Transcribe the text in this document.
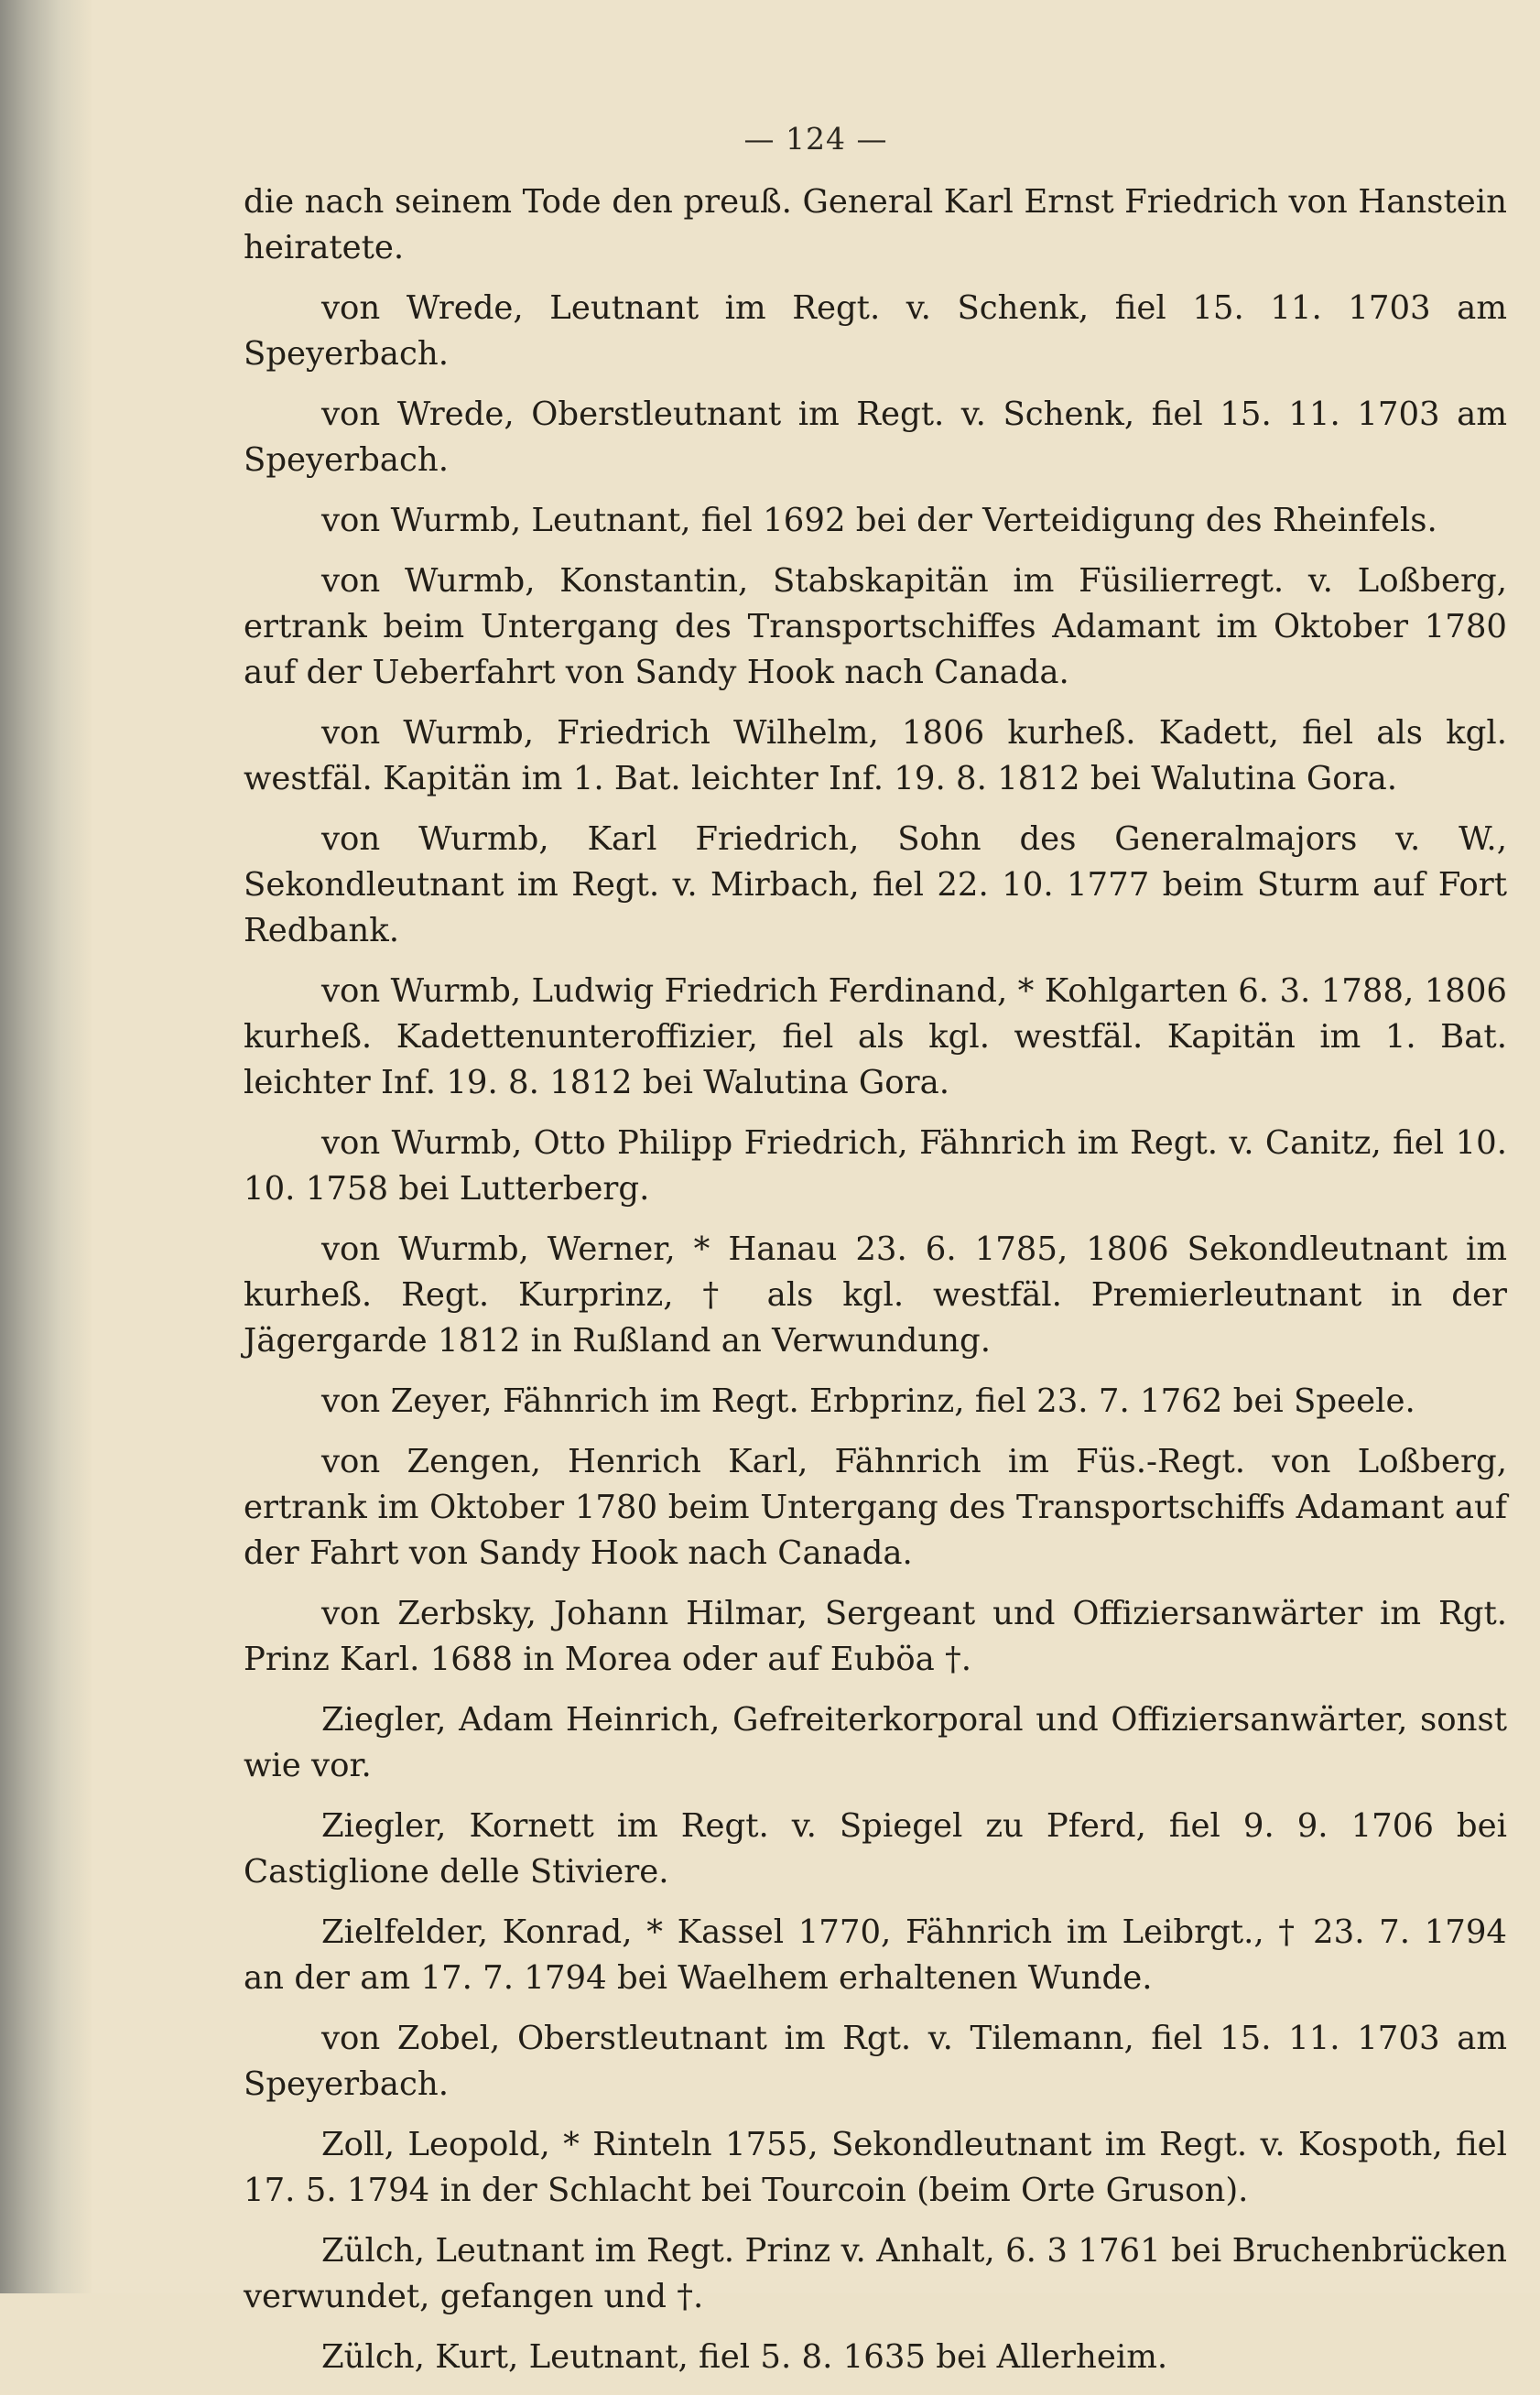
— 124 —

die nach seinem Tode den preuß. General Karl Ernst Friedrich von Hanstein heiratete.

von Wrede, Leutnant im Regt. v. Schenk, fiel 15. 11. 1703 am Speyerbach.

von Wrede, Oberstleutnant im Regt. v. Schenk, fiel 15. 11. 1703 am Speyerbach.

von Wurmb, Leutnant, fiel 1692 bei der Verteidigung des Rheinfels.

von Wurmb, Konstantin, Stabskapitän im Füsilierregt. v. Loßberg, ertrank beim Untergang des Transportschiffes Adamant im Oktober 1780 auf der Ueberfahrt von Sandy Hook nach Canada.

von Wurmb, Friedrich Wilhelm, 1806 kurheß. Kadett, fiel als kgl. westfäl. Kapitän im 1. Bat. leichter Inf. 19. 8. 1812 bei Walutina Gora.

von Wurmb, Karl Friedrich, Sohn des Generalmajors v. W., Sekondleutnant im Regt. v. Mirbach, fiel 22. 10. 1777 beim Sturm auf Fort Redbank.

von Wurmb, Ludwig Friedrich Ferdinand, * Kohlgarten 6. 3. 1788, 1806 kurheß. Kadettenunteroffizier, fiel als kgl. westfäl. Kapitän im 1. Bat. leichter Inf. 19. 8. 1812 bei Walutina Gora.

von Wurmb, Otto Philipp Friedrich, Fähnrich im Regt. v. Canitz, fiel 10. 10. 1758 bei Lutterberg.

von Wurmb, Werner, * Hanau 23. 6. 1785, 1806 Sekondleutnant im kurheß. Regt. Kurprinz, † als kgl. westfäl. Premierleutnant in der Jägergarde 1812 in Rußland an Verwundung.

von Zeyer, Fähnrich im Regt. Erbprinz, fiel 23. 7. 1762 bei Speele.

von Zengen, Henrich Karl, Fähnrich im Füs.-Regt. von Loßberg, ertrank im Oktober 1780 beim Untergang des Transportschiffs Adamant auf der Fahrt von Sandy Hook nach Canada.

von Zerbsky, Johann Hilmar, Sergeant und Offiziersanwärter im Rgt. Prinz Karl. 1688 in Morea oder auf Euböa †.

Ziegler, Adam Heinrich, Gefreiterkorporal und Offiziersanwärter, sonst wie vor.

Ziegler, Kornett im Regt. v. Spiegel zu Pferd, fiel 9. 9. 1706 bei Castiglione delle Stiviere.

Zielfelder, Konrad, * Kassel 1770, Fähnrich im Leibrgt., † 23. 7. 1794 an der am 17. 7. 1794 bei Waelhem erhaltenen Wunde.

von Zobel, Oberstleutnant im Rgt. v. Tilemann, fiel 15. 11. 1703 am Speyerbach.

Zoll, Leopold, * Rinteln 1755, Sekondleutnant im Regt. v. Kospoth, fiel 17. 5. 1794 in der Schlacht bei Tourcoin (beim Orte Gruson).

Zülch, Leutnant im Regt. Prinz v. Anhalt, 6. 3 1761 bei Bruchenbrücken verwundet, gefangen und †.

Zülch, Kurt, Leutnant, fiel 5. 8. 1635 bei Allerheim.
